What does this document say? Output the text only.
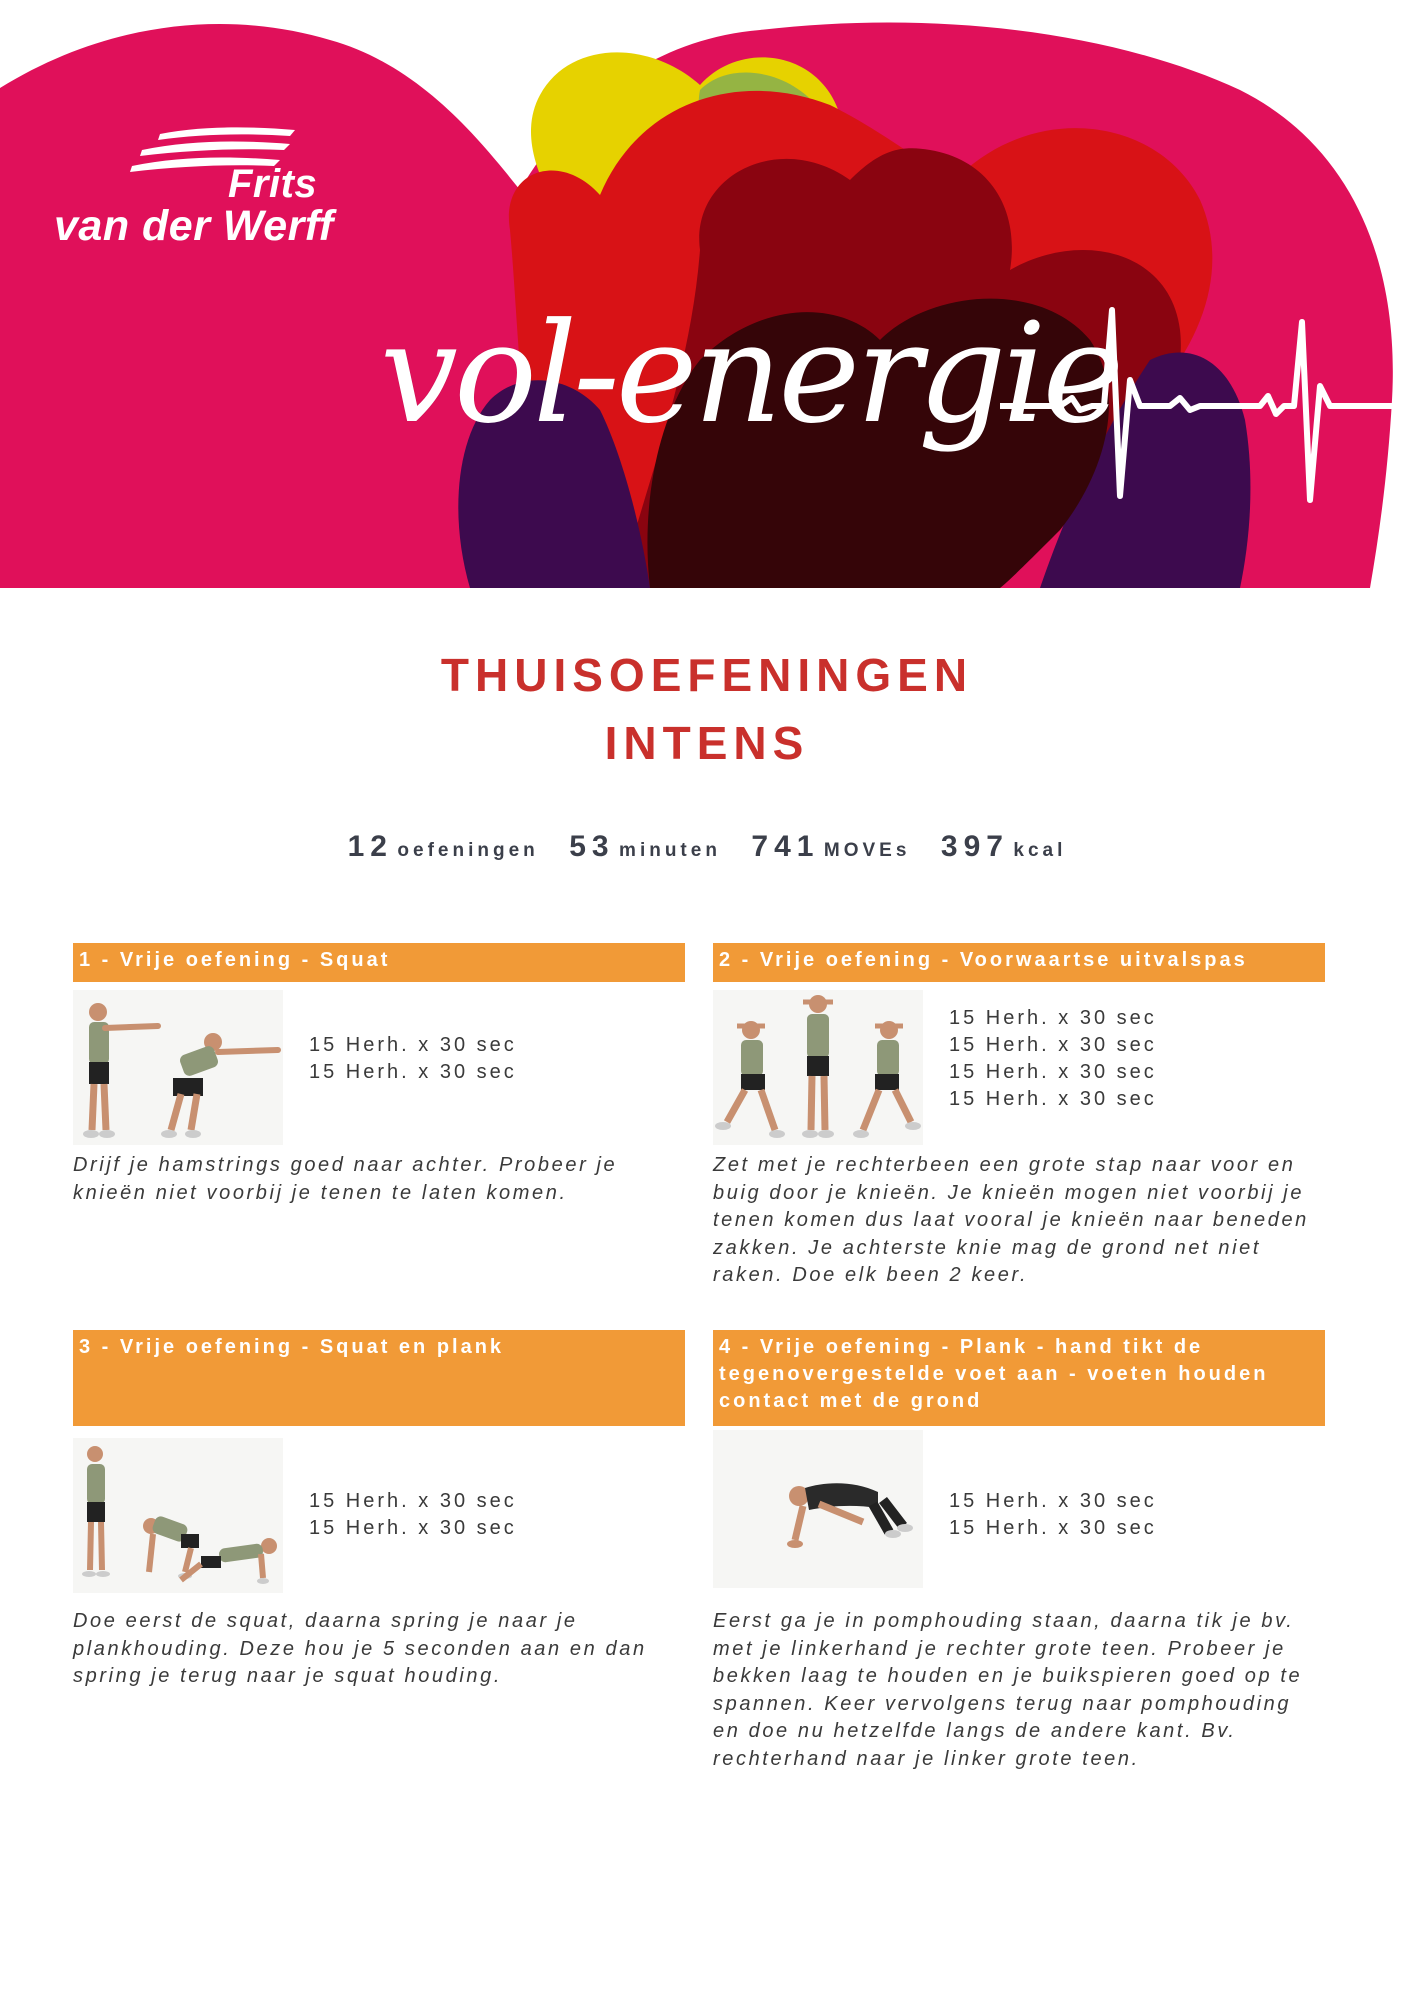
Frits
van der Werff
vol-energie
THUISOEFENINGEN
INTENS
12 oefeningen 53 minuten 741 MOVEs 397 kcal
1 - Vrije oefening - Squat
15 Herh. x 30 sec
15 Herh. x 30 sec
Drijf je hamstrings goed naar achter. Probeer je knieën niet voorbij je tenen te laten komen.
2 - Vrije oefening - Voorwaartse uitvalspas
15 Herh. x 30 sec
15 Herh. x 30 sec
15 Herh. x 30 sec
15 Herh. x 30 sec
Zet met je rechterbeen een grote stap naar voor en buig door je knieën. Je knieën mogen niet voorbij je tenen komen dus laat vooral je knieën naar beneden zakken. Je achterste knie mag de grond net niet raken. Doe elk been 2 keer.
3 - Vrije oefening - Squat en plank
15 Herh. x 30 sec
15 Herh. x 30 sec
Doe eerst de squat, daarna spring je naar je plankhouding. Deze hou je 5 seconden aan en dan spring je terug naar je squat houding.
4 - Vrije oefening - Plank - hand tikt de tegenovergestelde voet aan - voeten houden contact met de grond
15 Herh. x 30 sec
15 Herh. x 30 sec
Eerst ga je in pomphouding staan, daarna tik je bv. met je linkerhand je rechter grote teen. Probeer je bekken laag te houden en je buikspieren goed op te spannen. Keer vervolgens terug naar pomphouding en doe nu hetzelfde langs de andere kant. Bv. rechterhand naar je linker grote teen.
